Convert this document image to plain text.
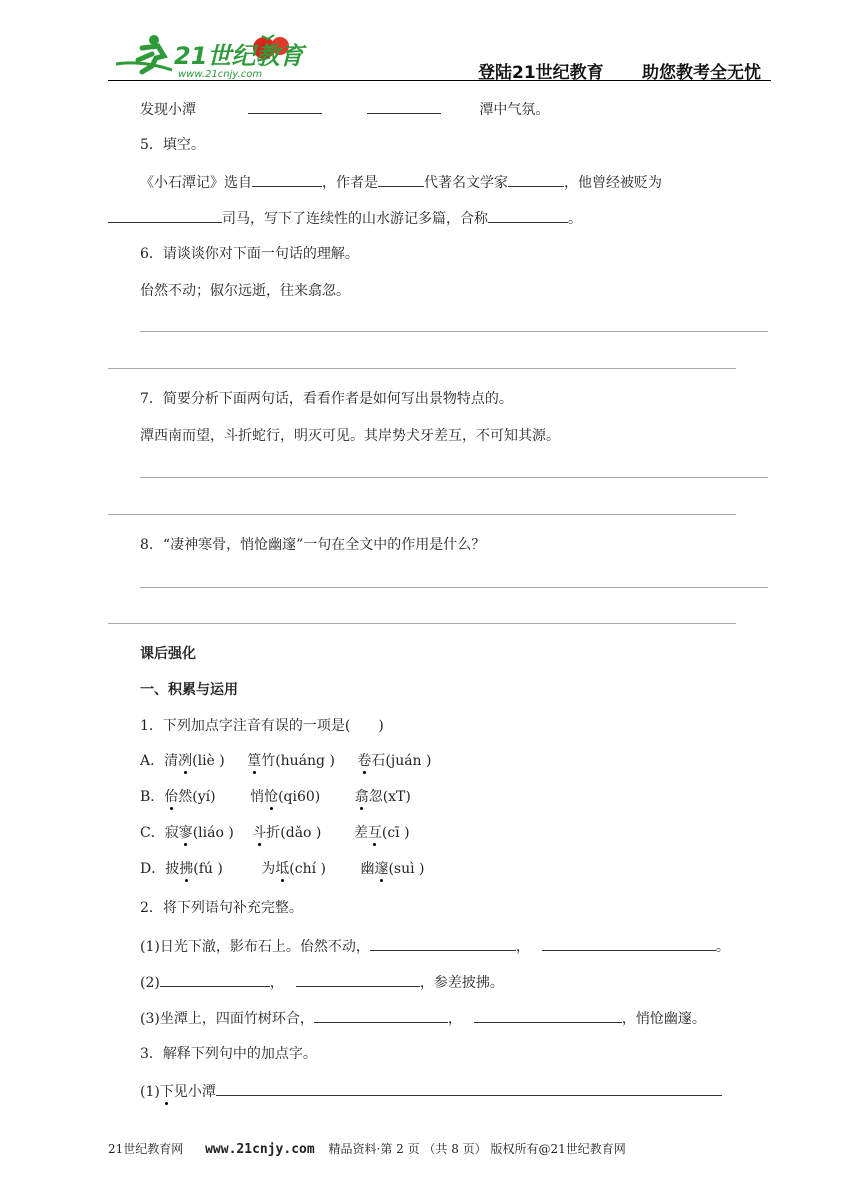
21世纪教育
www.21cnjy.com	登陆21世纪教育 助您教考全无忧
发现小潭	潭中气氛。
5．填空。
《小石潭记》选自	，作者是	代著名文学家	，他曾经被贬为
司马，写下了连续性的山水游记多篇，合称	。
6．请谈谈你对下面一句话的理解。
佁然不动；俶尔远逝，往来翕忽。
7．简要分析下面两句话，看看作者是如何写出景物特点的。
潭西南而望，斗折蛇行，明灭可见。其岸势犬牙差互，不可知其源。
8．“凄神寒骨，悄怆幽邃”一句在全文中的作用是什么？
课后强化
一、积累与运用
1．下列加点字注音有误的一项是(　　)
A．清冽(liè ) 篁竹(huáng ) 卷石(juán )
B．佁然(yí) 悄怆(qi60) 翕忽(xT)
C．寂寥(liáo ) 斗折(dǎo ) 差互(cī )
D．披拂(fú )	为坻(chí ) 幽邃(suì )
2．将下列语句补充完整。
(1)日光下澈，影布石上。佁然不动，	，	。
(2)	，	，参差披拂。
(3)坐潭上，四面竹树环合，	，	，悄怆幽邃。
3．解释下列句中的加点字。
(1)下见小潭
21世纪教育网 www.21cnjy.com 精品资料·第 2 页 （共 8 页） 版权所有@21世纪教育网
